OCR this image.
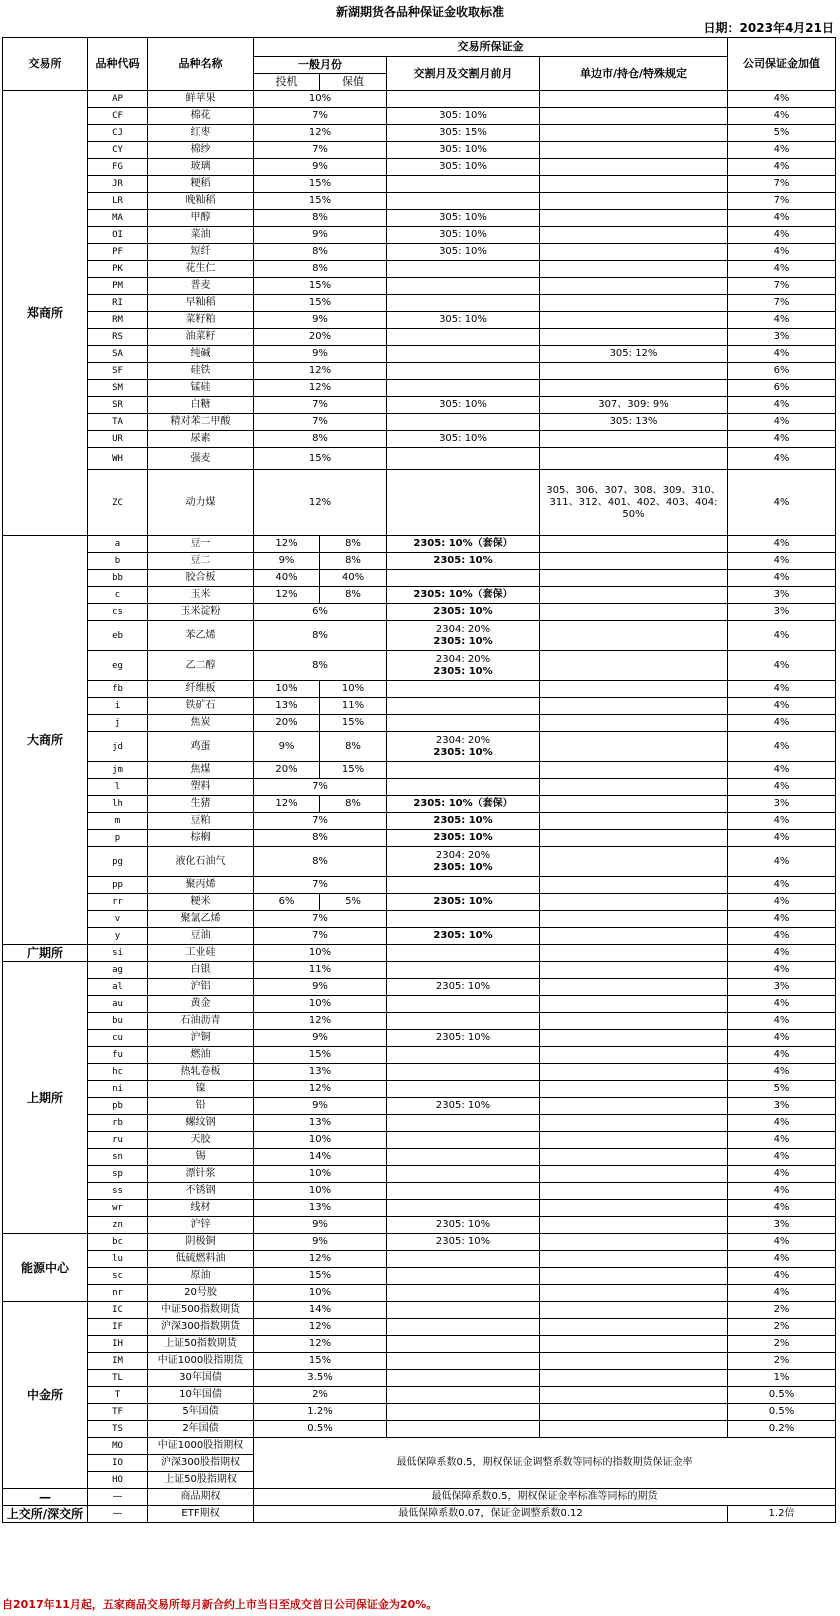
新湖期货各品种保证金收取标准
日期：2023年4月21日
交易所	品种代码	品种名称	交易所保证金				公司保证金加值
			一般月份		交割月及交割月前月	单边市/持仓/特殊规定	
			投机	保值			
郑商所	AP	鲜苹果	10%				4%
	CF	棉花	7%		305: 10%		4%
	CJ	红枣	12%		305: 15%		5%
	CY	棉纱	7%		305: 10%		4%
	FG	玻璃	9%		305: 10%		4%
	JR	粳稻	15%				7%
	LR	晚籼稻	15%				7%
	MA	甲醇	8%		305: 10%		4%
	OI	菜油	9%		305: 10%		4%
	PF	短纤	8%		305: 10%		4%
	PK	花生仁	8%				4%
	PM	普麦	15%				7%
	RI	早籼稻	15%				7%
	RM	菜籽粕	9%		305: 10%		4%
	RS	油菜籽	20%				3%
	SA	纯碱	9%			305: 12%	4%
	SF	硅铁	12%				6%
	SM	锰硅	12%				6%
	SR	白糖	7%		305: 10%	307、309: 9%	4%
	TA	精对苯二甲酸	7%			305: 13%	4%
	UR	尿素	8%		305: 10%		4%
	WH	强麦	15%				4%
	ZC	动力煤	12%			305、306、307、308、309、310、311、312、401、402、403、404: 50%	4%
大商所	a	豆一	12%	8%	2305: 10%（套保）		4%
	b	豆二	9%	8%	2305: 10%		4%
	bb	胶合板	40%	40%			4%
	c	玉米	12%	8%	2305: 10%（套保）		3%
	cs	玉米淀粉	6%		2305: 10%		3%
	eb	苯乙烯	8%		2304: 20%
2305: 10%		4%
	eg	乙二醇	8%		2304: 20%
2305: 10%		4%
	fb	纤维板	10%	10%			4%
	i	铁矿石	13%	11%			4%
	j	焦炭	20%	15%			4%
	jd	鸡蛋	9%	8%	2304: 20%
2305: 10%		4%
	jm	焦煤	20%	15%			4%
	l	塑料	7%				4%
	lh	生猪	12%	8%	2305: 10%（套保）		3%
	m	豆粕	7%		2305: 10%		4%
	p	棕榈	8%		2305: 10%		4%
	pg	液化石油气	8%		2304: 20%
2305: 10%		4%
	pp	聚丙烯	7%				4%
	rr	粳米	6%	5%	2305: 10%		4%
	v	聚氯乙烯	7%				4%
	y	豆油	7%		2305: 10%		4%
广期所	si	工业硅	10%				4%
上期所	ag	白银	11%				4%
	al	沪铝	9%		2305: 10%		3%
	au	黄金	10%				4%
	bu	石油沥青	12%				4%
	cu	沪铜	9%		2305: 10%		4%
	fu	燃油	15%				4%
	hc	热轧卷板	13%				4%
	ni	镍	12%				5%
	pb	铅	9%		2305: 10%		3%
	rb	螺纹钢	13%				4%
	ru	天胶	10%				4%
	sn	锡	14%				4%
	sp	漂针浆	10%				4%
	ss	不锈钢	10%				4%
	wr	线材	13%				4%
	zn	沪锌	9%		2305: 10%		3%
能源中心	bc	阴极铜	9%		2305: 10%		4%
	lu	低硫燃料油	12%				4%
	sc	原油	15%				4%
	nr	20号胶	10%				4%
中金所	IC	中证500指数期货	14%				2%
	IF	沪深300指数期货	12%				2%
	IH	上证50指数期货	12%				2%
	IM	中证1000股指期货	15%				2%
	TL	30年国债	3.5%				1%
	T	10年国债	2%				0.5%
	TF	5年国债	1.2%				0.5%
	TS	2年国债	0.5%				0.2%
	MO	中证1000股指期权	最低保障系数0.5，期权保证金调整系数等同标的指数期货保证金率				
	IO	沪深300股指期权					
	HO	上证50股指期权					
—	—	商品期权	最低保障系数0.5，期权保证金率标准等同标的期货				
上交所/深交所	—	ETF期权	最低保障系数0.07，保证金调整系数0.12				1.2倍
自2017年11月起，五家商品交易所每月新合约上市当日至成交首日公司保证金为20%。
